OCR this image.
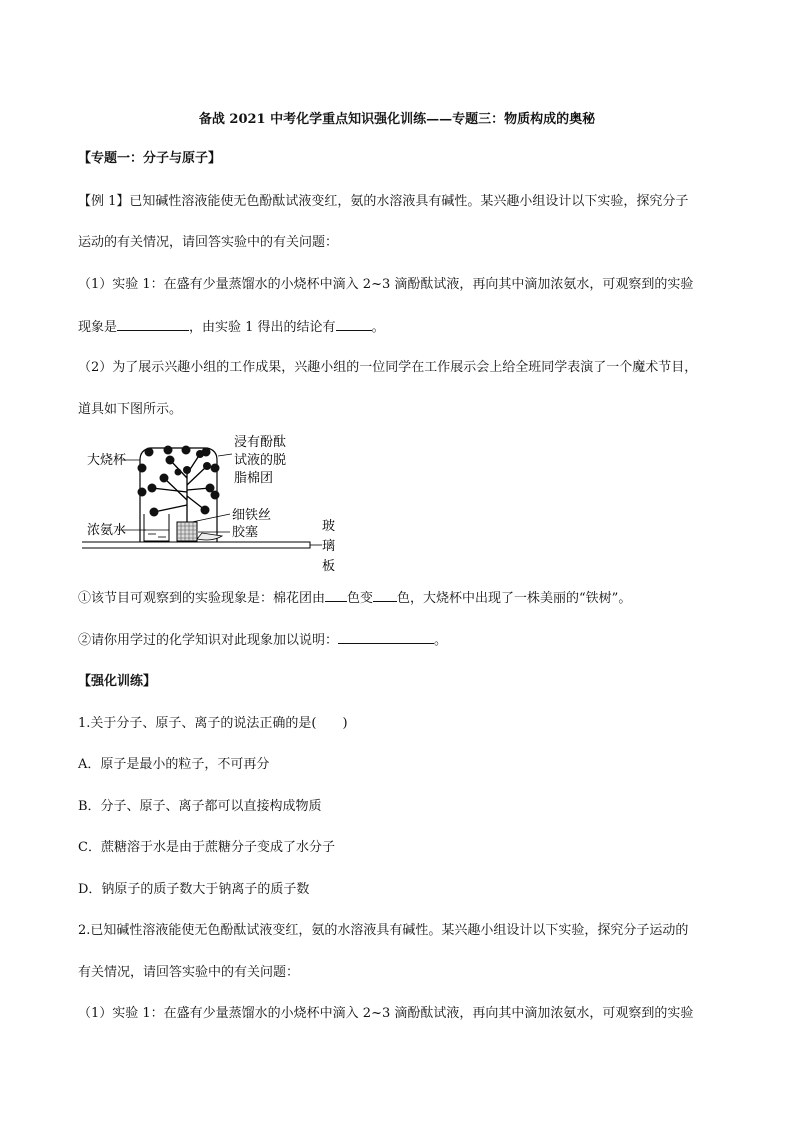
备战 2021 中考化学重点知识强化训练——专题三：物质构成的奥秘
【专题一：分子与原子】
【例 1】已知碱性溶液能使无色酚酞试液变红，氨的水溶液具有碱性。某兴趣小组设计以下实验，探究分子
运动的有关情况，请回答实验中的有关问题：
（1）实验 1：在盛有少量蒸馏水的小烧杯中滴入 2~3 滴酚酞试液，再向其中滴加浓氨水，可观察到的实验
现象是	，由实验 1 得出的结论有	。
（2）为了展示兴趣小组的工作成果，兴趣小组的一位同学在工作展示会上给全班同学表演了一个魔术节目，
道具如下图所示。
大烧杯
浸有酚酞
试液的脱
脂棉团
细铁丝
浓氨水	胶塞	玻
璃
板
①该节目可观察到的实验现象是：棉花团由 色变 色，大烧杯中出现了一株美丽的“铁树”。
②请你用学过的化学知识对此现象加以说明：	。
【强化训练】
1.关于分子、原子、离子的说法正确的是(　　)
A．原子是最小的粒子，不可再分
B．分子、原子、离子都可以直接构成物质
C．蔗糖溶于水是由于蔗糖分子变成了水分子
D．钠原子的质子数大于钠离子的质子数
2.已知碱性溶液能使无色酚酞试液变红，氨的水溶液具有碱性。某兴趣小组设计以下实验，探究分子运动的
有关情况，请回答实验中的有关问题：
（1）实验 1：在盛有少量蒸馏水的小烧杯中滴入 2~3 滴酚酞试液，再向其中滴加浓氨水，可观察到的实验
